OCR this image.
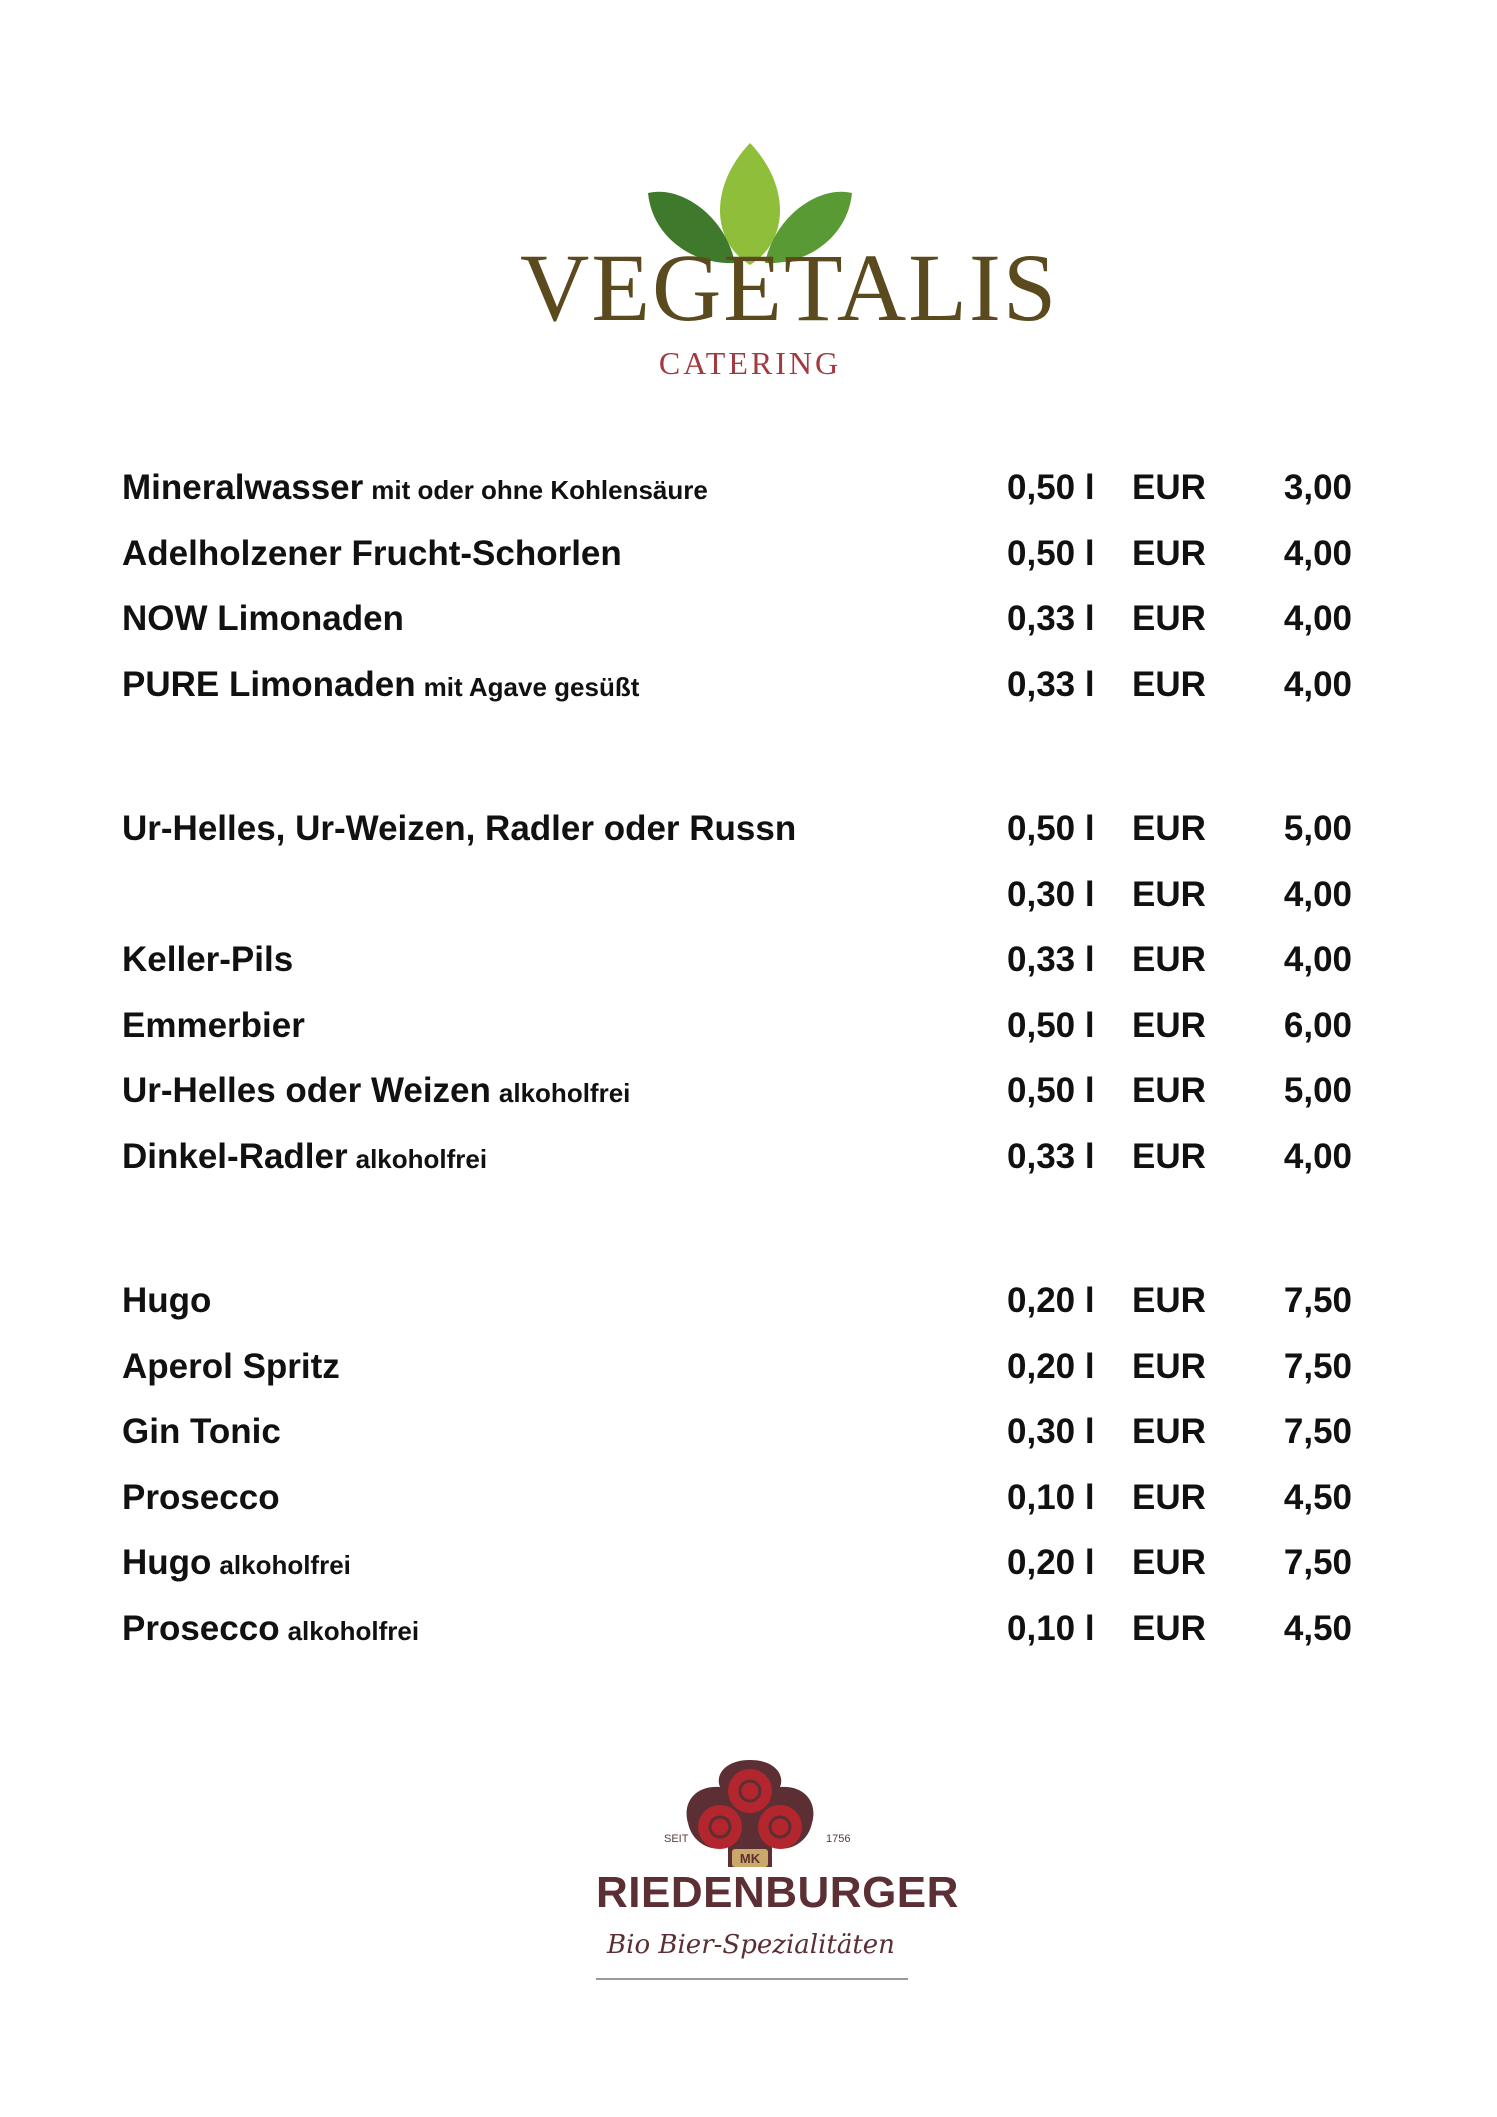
VEGETALIS
CATERING
Mineralwasser mit oder ohne Kohlensäure	0,50 l EUR 3,00
Adelholzener Frucht-Schorlen	0,50 l EUR 4,00
NOW Limonaden	0,33 l EUR 4,00
PURE Limonaden mit Agave gesüßt	0,33 l EUR 4,00
Ur-Helles, Ur-Weizen, Radler oder Russn	0,50 l EUR 5,00
0,30 l EUR 4,00
Keller-Pils	0,33 l EUR 4,00
Emmerbier	0,50 l EUR 6,00
Ur-Helles oder Weizen alkoholfrei	0,50 l EUR 5,00
Dinkel-Radler alkoholfrei	0,33 l EUR 4,00
Hugo	0,20 l EUR 7,50
Aperol Spritz	0,20 l EUR 7,50
Gin Tonic	0,30 l EUR 7,50
Prosecco	0,10 l EUR 4,50
Hugo alkoholfrei	0,20 l EUR 7,50
Prosecco alkoholfrei	0,10 l EUR 4,50
MK
SEIT	1756
RIEDENBURGER
Bio Bier-Spezialitäten
